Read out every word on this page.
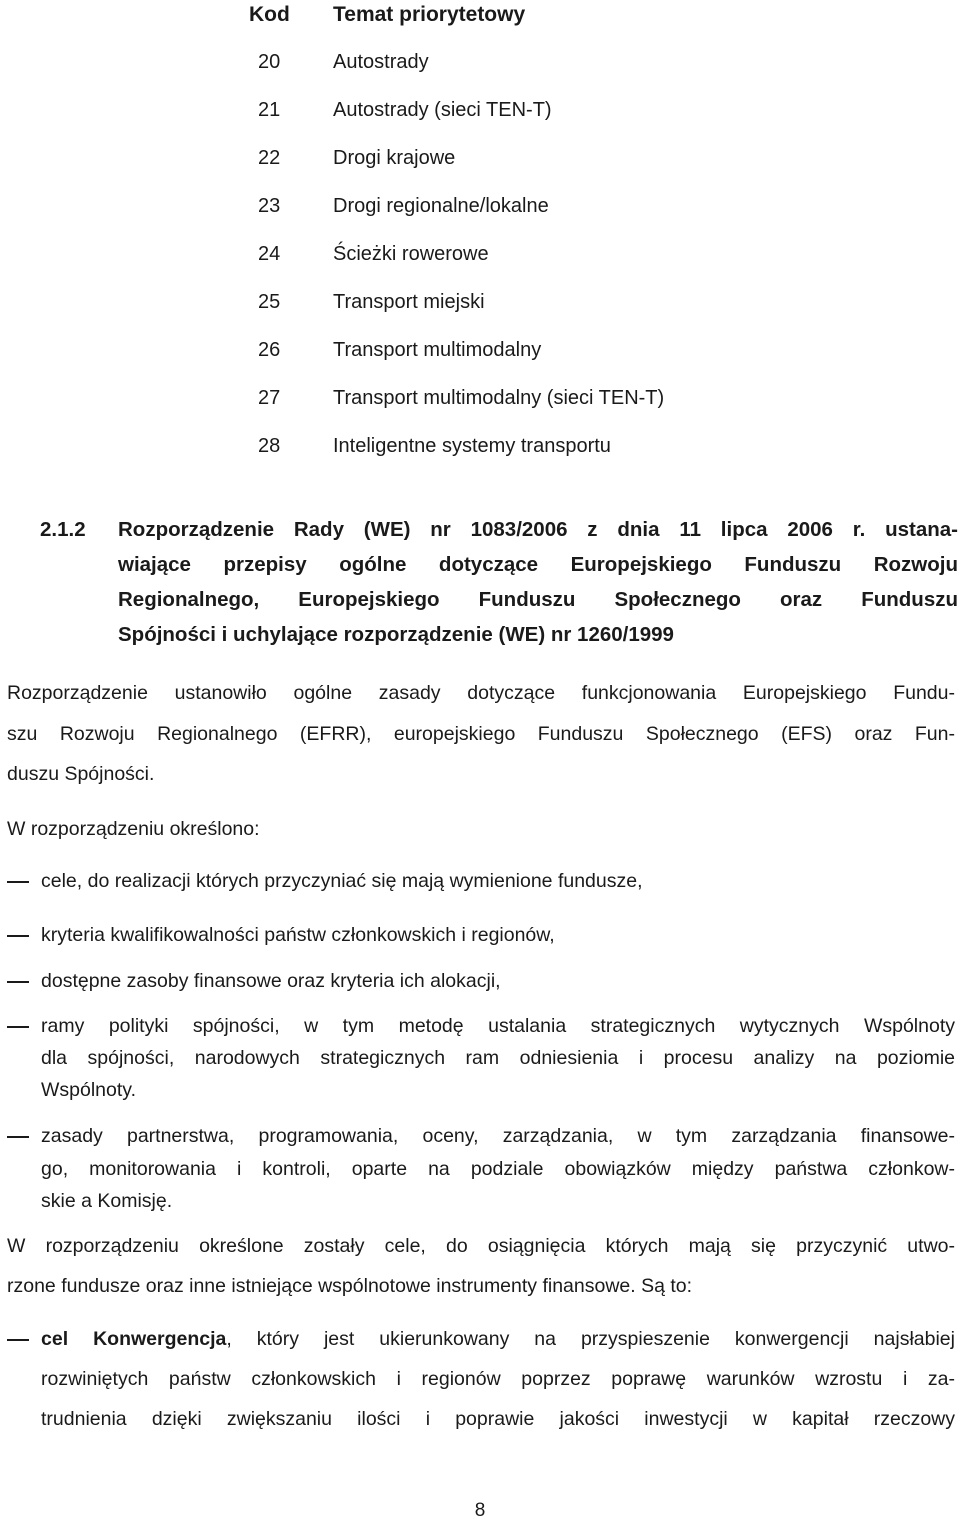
Kod Temat priorytetowy
20	Autostrady
21	Autostrady (sieci TEN-T)
22	Drogi krajowe
23	Drogi regionalne/lokalne
24	Ścieżki rowerowe
25	Transport miejski
26	Transport multimodalny
27	Transport multimodalny (sieci TEN-T)
28	Inteligentne systemy transportu
2.1.2 Rozporządzenie Rady (WE) nr 1083/2006 z dnia 11 lipca 2006 r. ustana-
wiające przepisy ogólne dotyczące Europejskiego Funduszu Rozwoju
Regionalnego, Europejskiego Funduszu Społecznego oraz Funduszu
Spójności i uchylające rozporządzenie (WE) nr 1260/1999
Rozporządzenie ustanowiło ogólne zasady dotyczące funkcjonowania Europejskiego Fundu-
szu Rozwoju Regionalnego (EFRR), europejskiego Funduszu Społecznego (EFS) oraz Fun-
duszu Spójności.
W rozporządzeniu określono:
cele, do realizacji których przyczyniać się mają wymienione fundusze,
kryteria kwalifikowalności państw członkowskich i regionów,
dostępne zasoby finansowe oraz kryteria ich alokacji,
ramy polityki spójności, w tym metodę ustalania strategicznych wytycznych Wspólnoty
dla spójności, narodowych strategicznych ram odniesienia i procesu analizy na poziomie
Wspólnoty.
zasady partnerstwa, programowania, oceny, zarządzania, w tym zarządzania finansowe-
go, monitorowania i kontroli, oparte na podziale obowiązków między państwa członkow-
skie a Komisję.
W rozporządzeniu określone zostały cele, do osiągnięcia których mają się przyczynić utwo-
rzone fundusze oraz inne istniejące wspólnotowe instrumenty finansowe. Są to:
cel Konwergencja, który jest ukierunkowany na przyspieszenie konwergencji najsłabiej
rozwiniętych państw członkowskich i regionów poprzez poprawę warunków wzrostu i za-
trudnienia dzięki zwiększaniu ilości i poprawie jakości inwestycji w kapitał rzeczowy
8
